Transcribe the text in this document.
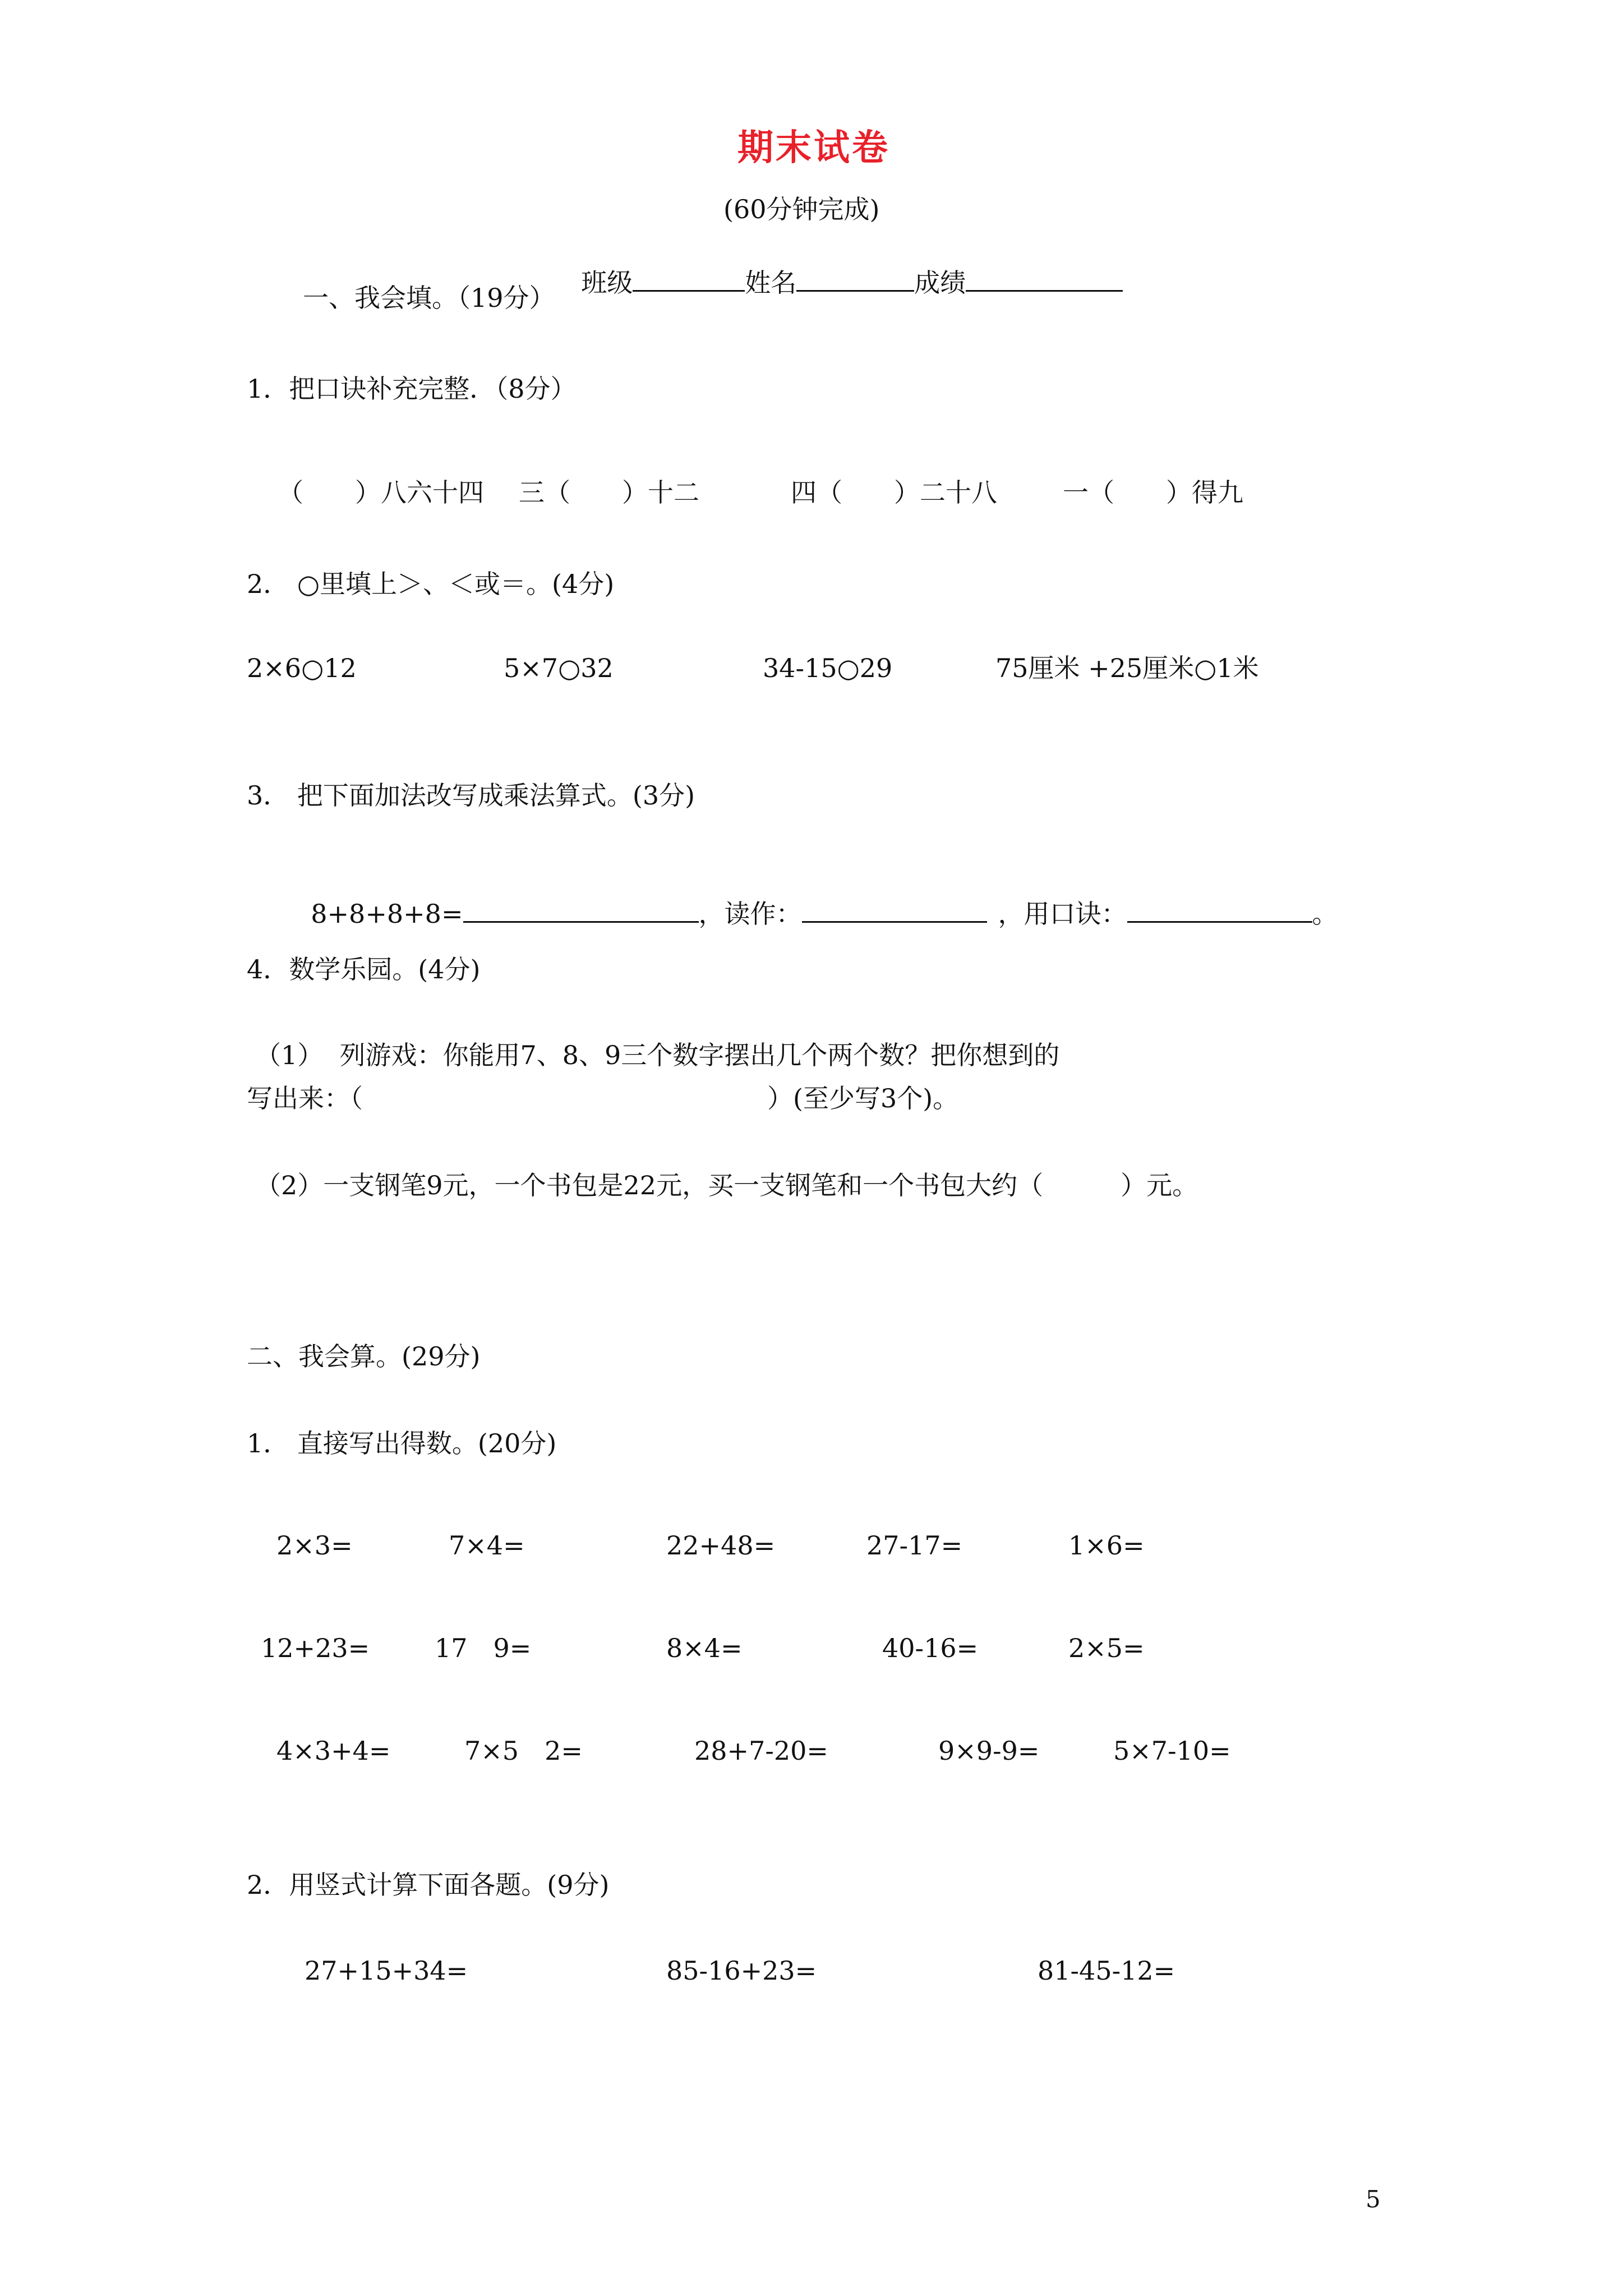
期末试卷
(60分钟完成)

班级	姓名	成绩

一、我会填。（19分）
1．把口诀补充完整．（8分）
（　　）八六十四 三（　　）十二	四（　　）二十八	一（　　）得九
2． ○里填上＞、＜或＝。(4分)
2×6○12	5×7○32	34-15○29	75厘米 +25厘米○1米
3． 把下面加法改写成乘法算式。(3分)

8+8+8+8=	，读作：	，用口诀：	。

4．数学乐园。(4分)
（1）  列游戏：你能用7、8、9三个数字摆出几个两个数？把你想到的
写出来：（	）(至少写3个)。
（2）一支钢笔9元，一个书包是22元，买一支钢笔和一个书包大约（　　　）元。
二、我会算。(29分)
1． 直接写出得数。(20分)
2×3=	7×4=	22+48=	27-17=	1×6=
12+23=	17　9=	8×4=	40-16=	2×5=
4×3+4=	7×5　2=	28+7-20=	9×9-9=	5×7-10=
2．用竖式计算下面各题。(9分)
27+15+34=	85-16+23=	81-45-12=
5
